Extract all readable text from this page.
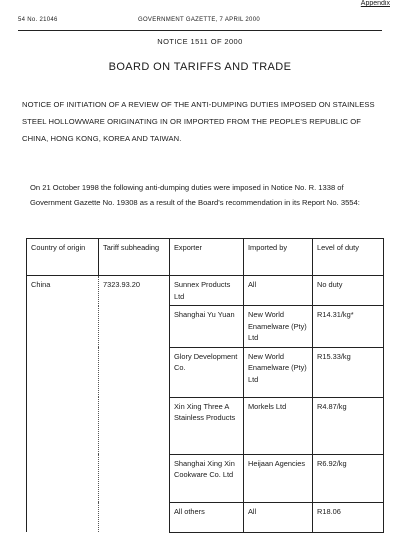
Appendix
54 No. 21046	GOVERNMENT GAZETTE, 7 APRIL 2000
NOTICE 1511 OF 2000
BOARD ON TARIFFS AND TRADE
NOTICE OF INITIATION OF A REVIEW OF THE ANTI-DUMPING DUTIES IMPOSED ON STAINLESS STEEL HOLLOWWARE ORIGINATING IN OR IMPORTED FROM THE PEOPLE'S REPUBLIC OF CHINA, HONG KONG, KOREA AND TAIWAN.
On 21 October 1998 the following anti-dumping duties were imposed in Notice No. R. 1338 of Government Gazette No. 19308 as a result of the Board's recommendation in its Report No. 3554:
Country of origin	Tariff subheading	Exporter	Imported by	Level of duty
China	7323.93.20	Sunnex Products Ltd	All	No duty
		Shanghai Yu Yuan	New World Enamelware (Pty) Ltd	R14.31/kg*
		Glory Development Co.	New World Enamelware (Pty) Ltd	R15.33/kg
		Xin Xing Three A Stainless Products	Morkels Ltd	R4.87/kg
		Shanghai Xing Xin Cookware Co. Ltd	Heijaan Agencies	R6.92/kg
		All others	All	R18.06
